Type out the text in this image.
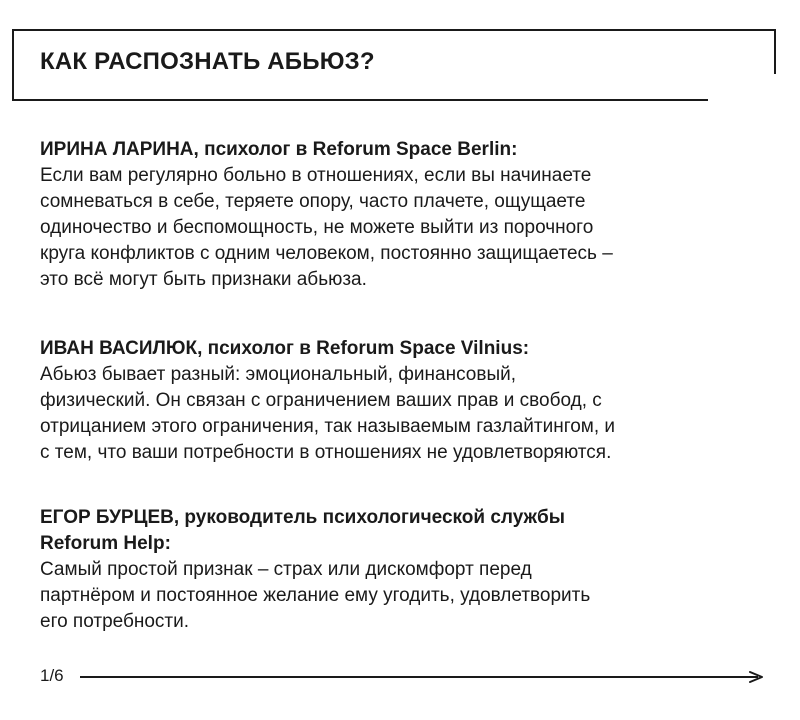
КАК РАСПОЗНАТЬ АБЬЮЗ?

ИРИНА ЛАРИНА, психолог в Reforum Space Berlin:

Если вам регулярно больно в отношениях, если вы начинаете
сомневаться в себе, теряете опору, часто плачете, ощущаете
одиночество и беспомощность, не можете выйти из порочного
круга конфликтов с одним человеком, постоянно защищаетесь –
это всё могут быть признаки абьюза.

ИВАН ВАСИЛЮК, психолог в Reforum Space Vilnius:

Абьюз бывает разный: эмоциональный, финансовый,
физический. Он связан с ограничением ваших прав и свобод, с
отрицанием этого ограничения, так называемым газлайтингом, и
с тем, что ваши потребности в отношениях не удовлетворяются.
ЕГОР БУРЦЕВ, руководитель психологической службы
Reforum Help:
Самый простой признак – страх или дискомфорт перед
партнёром и постоянное желание ему угодить, удовлетворить
его потребности.
1/6
